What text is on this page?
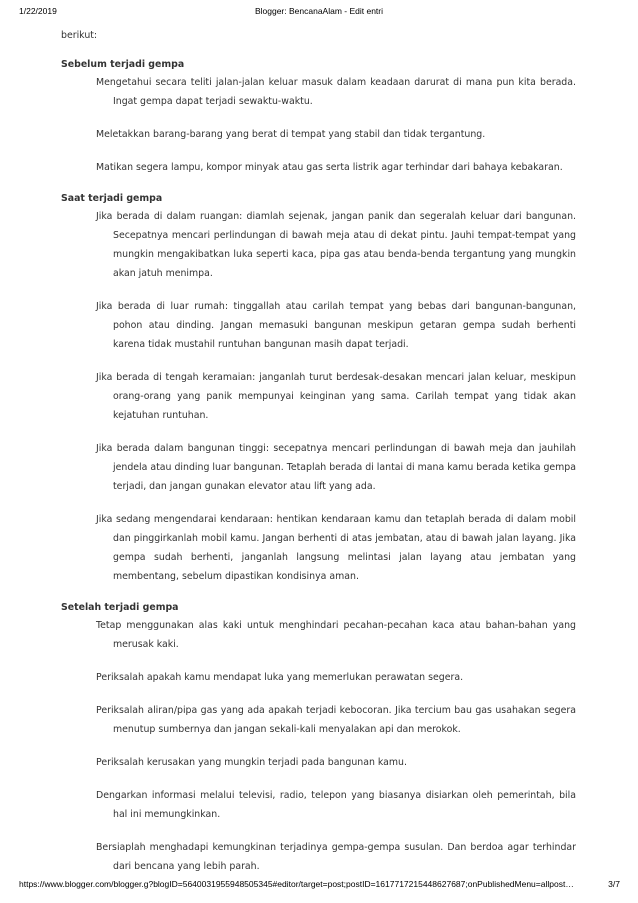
1/22/2019	Blogger: BencanaAlam - Edit entri
berikut:
Sebelum terjadi gempa
Mengetahui secara teliti jalan-jalan keluar masuk dalam keadaan darurat di mana pun kita berada. Ingat gempa dapat terjadi sewaktu-waktu.
Meletakkan barang-barang yang berat di tempat yang stabil dan tidak tergantung.
Matikan segera lampu, kompor minyak atau gas serta listrik agar terhindar dari bahaya kebakaran.
Saat terjadi gempa
Jika berada di dalam ruangan: diamlah sejenak, jangan panik dan segeralah keluar dari bangunan. Secepatnya mencari perlindungan di bawah meja atau di dekat pintu. Jauhi tempat-tempat yang mungkin mengakibatkan luka seperti kaca, pipa gas atau benda-benda tergantung yang mungkin akan jatuh menimpa.
Jika berada di luar rumah: tinggallah atau carilah tempat yang bebas dari bangunan-bangunan, pohon atau dinding. Jangan memasuki bangunan meskipun getaran gempa sudah berhenti karena tidak mustahil runtuhan bangunan masih dapat terjadi.
Jika berada di tengah keramaian: janganlah turut berdesak-desakan mencari jalan keluar, meskipun orang-orang yang panik mempunyai keinginan yang sama. Carilah tempat yang tidak akan kejatuhan runtuhan.
Jika berada dalam bangunan tinggi: secepatnya mencari perlindungan di bawah meja dan jauhilah jendela atau dinding luar bangunan. Tetaplah berada di lantai di mana kamu berada ketika gempa terjadi, dan jangan gunakan elevator atau lift yang ada.
Jika sedang mengendarai kendaraan: hentikan kendaraan kamu dan tetaplah berada di dalam mobil dan pinggirkanlah mobil kamu. Jangan berhenti di atas jembatan, atau di bawah jalan layang. Jika gempa sudah berhenti, janganlah langsung melintasi jalan layang atau jembatan yang membentang, sebelum dipastikan kondisinya aman.
Setelah terjadi gempa
Tetap menggunakan alas kaki untuk menghindari pecahan-pecahan kaca atau bahan-bahan yang merusak kaki.
Periksalah apakah kamu mendapat luka yang memerlukan perawatan segera.
Periksalah aliran/pipa gas yang ada apakah terjadi kebocoran. Jika tercium bau gas usahakan segera menutup sumbernya dan jangan sekali-kali menyalakan api dan merokok.
Periksalah kerusakan yang mungkin terjadi pada bangunan kamu.
Dengarkan informasi melalui televisi, radio, telepon yang biasanya disiarkan oleh pemerintah, bila hal ini memungkinkan.
Bersiaplah menghadapi kemungkinan terjadinya gempa-gempa susulan. Dan berdoa agar terhindar dari bencana yang lebih parah.
https://www.blogger.com/blogger.g?blogID=5640031955948505345#editor/target=post;postID=1617717215448627687;onPublishedMenu=allpost…	3/7
